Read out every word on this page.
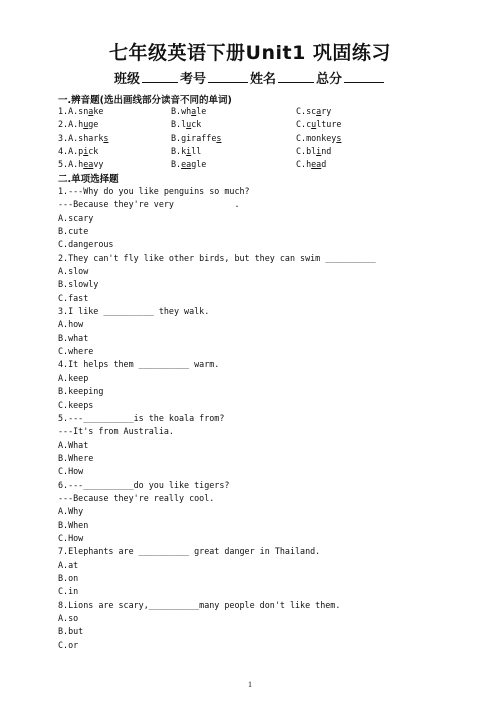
七年级英语下册Unit1 巩固练习
班级	考号	姓名	总分
一.辨音题(选出画线部分读音不同的单词)
1.A.snake	B.whale	C.scary
2.A.huge	B.luck	C.culture
3.A.sharks	B.giraffes	C.monkeys
4.A.pick	B.kill	C.blind
5.A.heavy	B.eagle	C.head
二.单项选择题
1.---Why do you like penguins so much?
---Because they're very            .
A.scary
B.cute
C.dangerous
2.They can't fly like other birds, but they can swim __________
A.slow
B.slowly
C.fast
3.I like __________ they walk.
A.how
B.what
C.where
4.It helps them __________ warm.
A.keep
B.keeping
C.keeps
5.---__________is the koala from?
---It's from Australia.
A.What
B.Where
C.How
6.---__________do you like tigers?
---Because they're really cool.
A.Why
B.When
C.How
7.Elephants are __________ great danger in Thailand.
A.at
B.on
C.in
8.Lions are scary,__________many people don't like them.
A.so
B.but
C.or
1
